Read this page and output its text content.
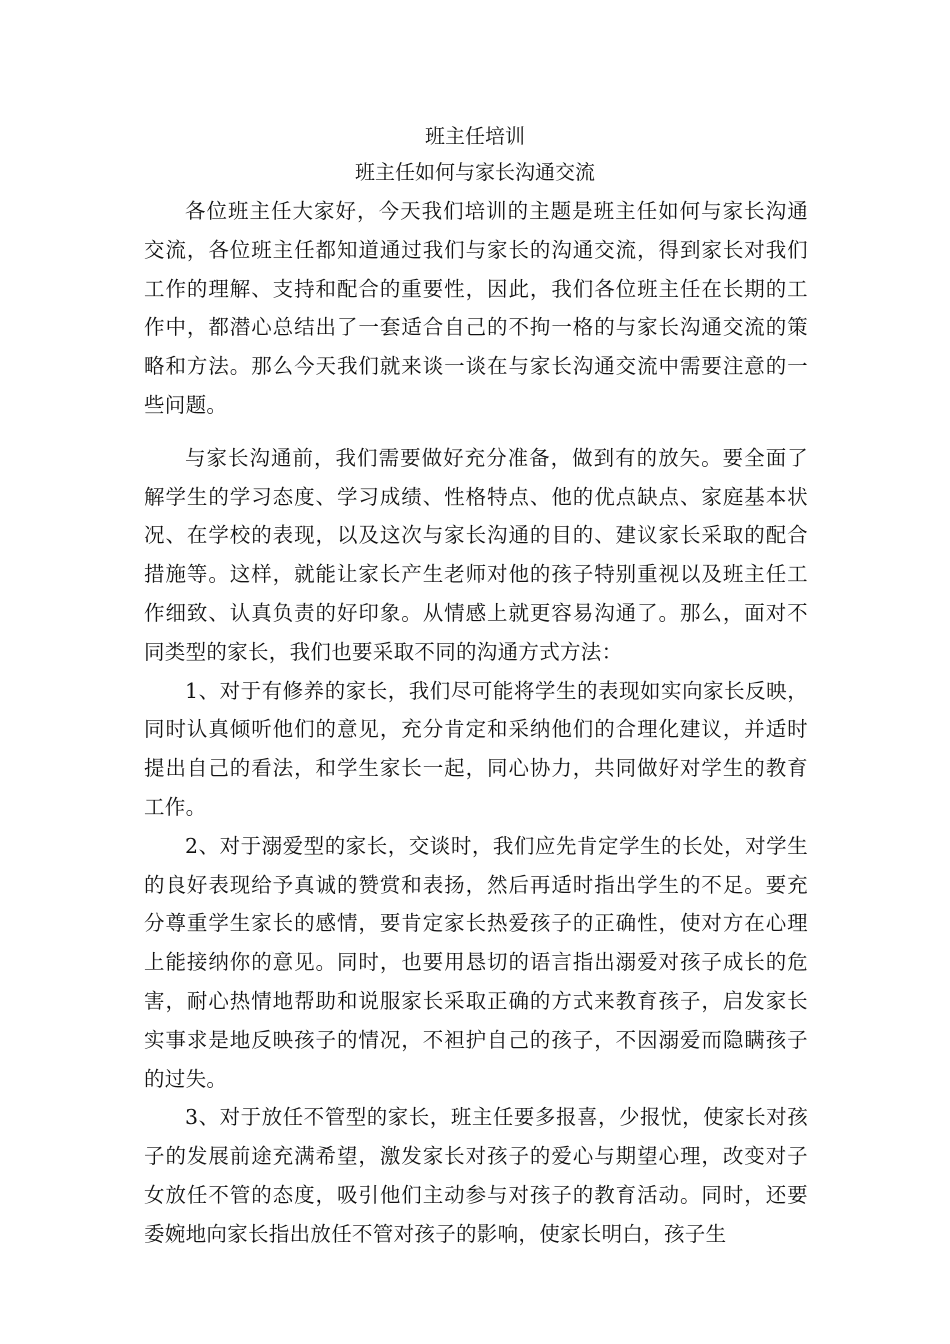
班主任培训
班主任如何与家长沟通交流

各位班主任大家好，今天我们培训的主题是班主任如何与家长沟通交流，各位班主任都知道通过我们与家长的沟通交流，得到家长对我们工作的理解、支持和配合的重要性，因此，我们各位班主任在长期的工作中，都潜心总结出了一套适合自己的不拘一格的与家长沟通交流的策略和方法。那么今天我们就来谈一谈在与家长沟通交流中需要注意的一些问题。

与家长沟通前，我们需要做好充分准备，做到有的放矢。要全面了解学生的学习态度、学习成绩、性格特点、他的优点缺点、家庭基本状况、在学校的表现，以及这次与家长沟通的目的、建议家长采取的配合措施等。这样，就能让家长产生老师对他的孩子特别重视以及班主任工作细致、认真负责的好印象。从情感上就更容易沟通了。那么，面对不同类型的家长，我们也要采取不同的沟通方式方法：

1、对于有修养的家长，我们尽可能将学生的表现如实向家长反映，同时认真倾听他们的意见，充分肯定和采纳他们的合理化建议，并适时提出自己的看法，和学生家长一起，同心协力，共同做好对学生的教育工作。

2、对于溺爱型的家长，交谈时，我们应先肯定学生的长处，对学生的良好表现给予真诚的赞赏和表扬，然后再适时指出学生的不足。要充分尊重学生家长的感情，要肯定家长热爱孩子的正确性，使对方在心理上能接纳你的意见。同时，也要用恳切的语言指出溺爱对孩子成长的危害，耐心热情地帮助和说服家长采取正确的方式来教育孩子，启发家长实事求是地反映孩子的情况，不袒护自己的孩子，不因溺爱而隐瞒孩子的过失。

3、对于放任不管型的家长，班主任要多报喜，少报忧，使家长对孩子的发展前途充满希望，激发家长对孩子的爱心与期望心理，改变对子女放任不管的态度，吸引他们主动参与对孩子的教育活动。同时，还要委婉地向家长指出放任不管对孩子的影响，使家长明白，孩子生
